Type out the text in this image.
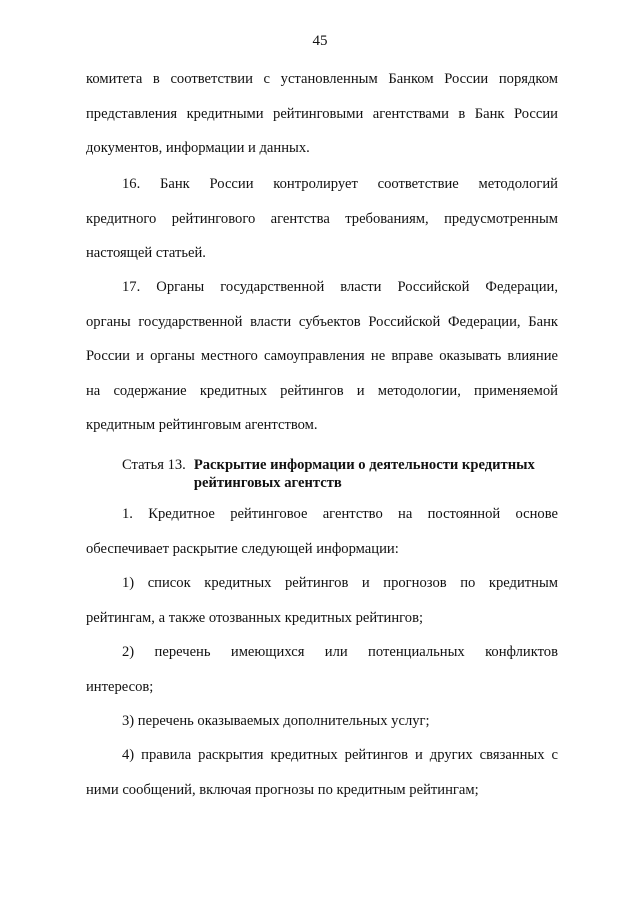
45

комитета в соответствии с установленным Банком России порядком
представления кредитными рейтинговыми агентствами в Банк России
документов, информации и данных.

16. Банк России контролирует соответствие методологий
кредитного рейтингового агентства требованиям, предусмотренным
настоящей статьей.

17. Органы государственной власти Российской Федерации,
органы государственной власти субъектов Российской Федерации, Банк
России и органы местного самоуправления не вправе оказывать влияние
на содержание кредитных рейтингов и методологии, применяемой
кредитным рейтинговым агентством.

Статья 13. Раскрытие информации о деятельности кредитных
рейтинговых агентств

1. Кредитное рейтинговое агентство на постоянной основе
обеспечивает раскрытие следующей информации:

1) список кредитных рейтингов и прогнозов по кредитным
рейтингам, а также отозванных кредитных рейтингов;

2) перечень имеющихся или потенциальных конфликтов
интересов;

3) перечень оказываемых дополнительных услуг;

4) правила раскрытия кредитных рейтингов и других связанных с
ними сообщений, включая прогнозы по кредитным рейтингам;
